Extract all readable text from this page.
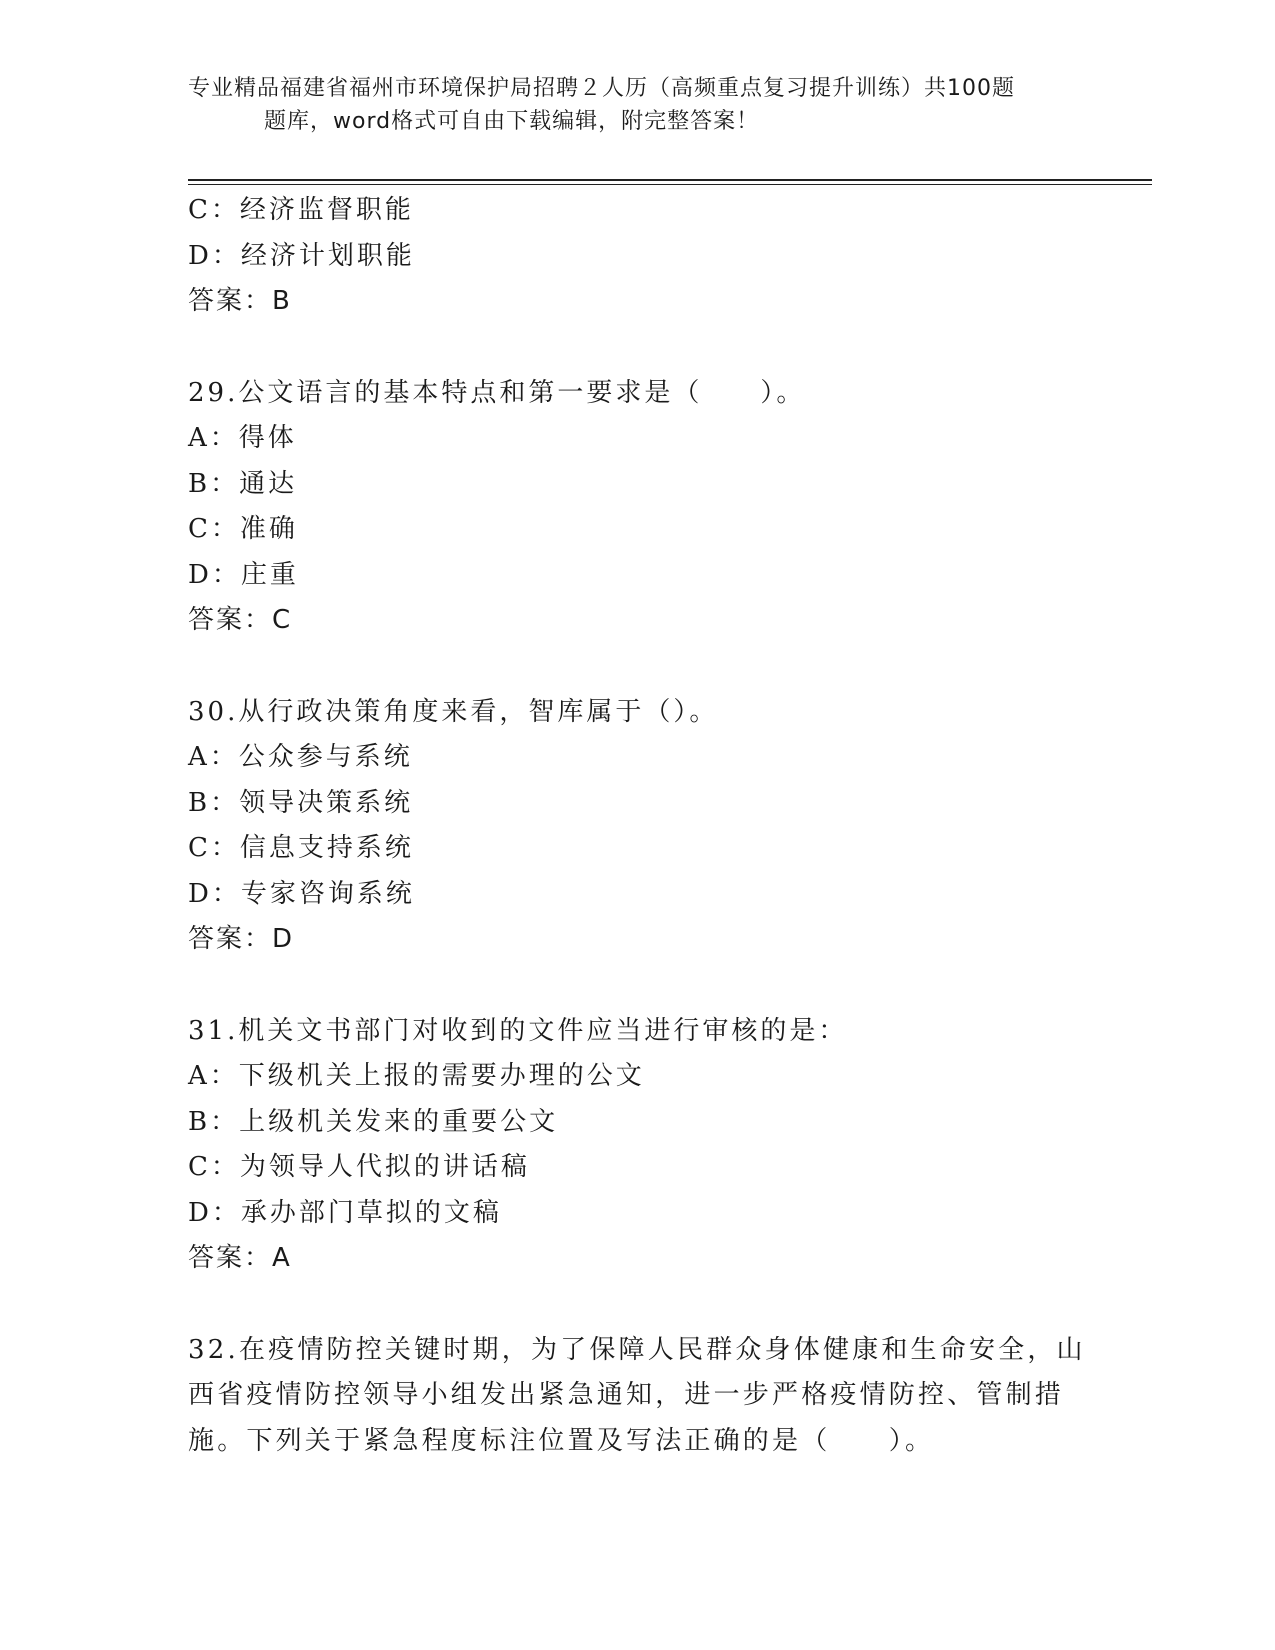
专业精品福建省福州市环境保护局招聘２人历（高频重点复习提升训练）共100题
题库，word格式可自由下载编辑，附完整答案！
C：经济监督职能
D：经济计划职能
答案：B
29.公文语言的基本特点和第一要求是（　　）。
A：得体
B：通达
C：准确
D：庄重
答案：C
30.从行政决策角度来看，智库属于（）。
A：公众参与系统
B：领导决策系统
C：信息支持系统
D：专家咨询系统
答案：D
31.机关文书部门对收到的文件应当进行审核的是：
A：下级机关上报的需要办理的公文
B：上级机关发来的重要公文
C：为领导人代拟的讲话稿
D：承办部门草拟的文稿
答案：A
32.在疫情防控关键时期，为了保障人民群众身体健康和生命安全，山
西省疫情防控领导小组发出紧急通知，进一步严格疫情防控、管制措
施。下列关于紧急程度标注位置及写法正确的是（　　）。
